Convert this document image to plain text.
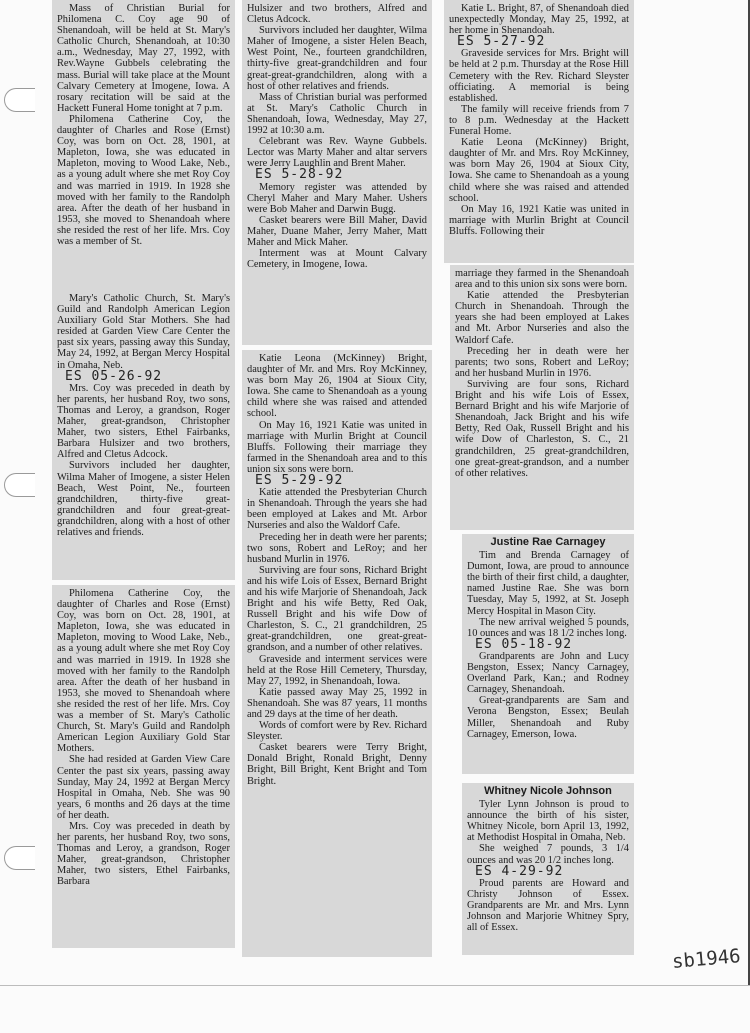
Mass of Christian Burial for Philomena C. Coy age 90 of Shenandoah, will be held at St. Mary's Catholic Church, Shenandoah, at 10:30 a.m., Wednesday, May 27, 1992, with Rev.Wayne Gubbels celebrating the mass. Burial will take place at the Mount Calvary Cemetery at Imogene, Iowa. A rosary recitation will be said at the Hackett Funeral Home tonight at 7 p.m.

Philomena Catherine Coy, the daughter of Charles and Rose (Ernst) Coy, was born on Oct. 28, 1901, at Mapleton, Iowa, she was educated in Mapleton, moving to Wood Lake, Neb., as a young adult where she met Roy Coy and was married in 1919. In 1928 she moved with her family to the Randolph area. After the death of her husband in 1953, she moved to Shenandoah where she resided the rest of her life. Mrs. Coy was a member of St.

Mary's Catholic Church, St. Mary's Guild and Randolph American Legion Auxiliary Gold Star Mothers. She had resided at Garden View Care Center the past six years, passing away this Sunday, May 24, 1992, at Bergan Mercy Hospital in Omaha, Neb.

ES 05-26-92

Mrs. Coy was preceded in death by her parents, her husband Roy, two sons, Thomas and Leroy, a grandson, Roger Maher, great-grandson, Christopher Maher, two sisters, Ethel Fairbanks, Barbara Hulsizer and two brothers, Alfred and Cletus Adcock.

Survivors included her daughter, Wilma Maher of Imogene, a sister Helen Beach, West Point, Ne., fourteen grandchildren, thirty-five great-grandchildren and four great-great-grandchildren, along with a host of other relatives and friends.

Philomena Catherine Coy, the daughter of Charles and Rose (Ernst) Coy, was born on Oct. 28, 1901, at Mapleton, Iowa, she was educated in Mapleton, moving to Wood Lake, Neb., as a young adult where she met Roy Coy and was married in 1919. In 1928 she moved with her family to the Randolph area. After the death of her husband in 1953, she moved to Shenandoah where she resided the rest of her life. Mrs. Coy was a member of St. Mary's Catholic Church, St. Mary's Guild and Randolph American Legion Auxiliary Gold Star Mothers.

She had resided at Garden View Care Center the past six years, passing away Sunday, May 24, 1992 at Bergan Mercy Hospital in Omaha, Neb. She was 90 years, 6 months and 26 days at the time of her death.

Mrs. Coy was preceded in death by her parents, her husband Roy, two sons, Thomas and Leroy, a grandson, Roger Maher, great-grandson, Christopher Maher, two sisters, Ethel Fairbanks, Barbara

Hulsizer and two brothers, Alfred and Cletus Adcock.

Survivors included her daughter, Wilma Maher of Imogene, a sister Helen Beach, West Point, Ne., fourteen grandchildren, thirty-five great-grandchildren and four great-great-grandchildren, along with a host of other relatives and friends.

Mass of Christian burial was performed at St. Mary's Catholic Church in Shenandoah, Iowa, Wednesday, May 27, 1992 at 10:30 a.m.

Celebrant was Rev. Wayne Gubbels. Lector was Marty Maher and altar servers were Jerry Laughlin and Brent Maher.

ES 5-28-92

Memory register was attended by Cheryl Maher and Mary Maher. Ushers were Bob Maher and Darwin Bugg.

Casket bearers were Bill Maher, David Maher, Duane Maher, Jerry Maher, Matt Maher and Mick Maher.

Interment was at Mount Calvary Cemetery, in Imogene, Iowa.

Katie Leona (McKinney) Bright, daughter of Mr. and Mrs. Roy McKinney, was born May 26, 1904 at Sioux City, Iowa. She came to Shenandoah as a young child where she was raised and attended school.

On May 16, 1921 Katie was united in marriage with Murlin Bright at Council Bluffs. Following their marriage they farmed in the Shenandoah area and to this union six sons were born.

ES 5-29-92

Katie attended the Presbyterian Church in Shenandoah. Through the years she had been employed at Lakes and Mt. Arbor Nurseries and also the Waldorf Cafe.

Preceding her in death were her parents; two sons, Robert and LeRoy; and her husband Murlin in 1976.

Surviving are four sons, Richard Bright and his wife Lois of Essex, Bernard Bright and his wife Marjorie of Shenandoah, Jack Bright and his wife Betty, Red Oak, Russell Bright and his wife Dow of Charleston, S. C., 21 grandchildren, 25 great-grandchildren, one great-great-grandson, and a number of other relatives.

Graveside and interment services were held at the Rose Hill Cemetery, Thursday, May 27, 1992, in Shenandoah, Iowa.

Katie passed away May 25, 1992 in Shenandoah. She was 87 years, 11 months and 29 days at the time of her death.

Words of comfort were by Rev. Richard Sleyster.

Casket bearers were Terry Bright, Donald Bright, Ronald Bright, Denny Bright, Bill Bright, Kent Bright and Tom Bright.

Katie L. Bright, 87, of Shenandoah died unexpectedly Monday, May 25, 1992, at her home in Shenandoah.

ES 5-27-92

Graveside services for Mrs. Bright will be held at 2 p.m. Thursday at the Rose Hill Cemetery with the Rev. Richard Sleyster officiating. A memorial is being established.

The family will receive friends from 7 to 8 p.m. Wednesday at the Hackett Funeral Home.

Katie Leona (McKinney) Bright, daughter of Mr. and Mrs. Roy McKinney, was born May 26, 1904 at Sioux City, Iowa. She came to Shenandoah as a young child where she was raised and attended school.

On May 16, 1921 Katie was united in marriage with Murlin Bright at Council Bluffs. Following their

marriage they farmed in the Shenandoah area and to this union six sons were born.

Katie attended the Presbyterian Church in Shenandoah. Through the years she had been employed at Lakes and Mt. Arbor Nurseries and also the Waldorf Cafe.

Preceding her in death were her parents; two sons, Robert and LeRoy; and her husband Murlin in 1976.

Surviving are four sons, Richard Bright and his wife Lois of Essex, Bernard Bright and his wife Marjorie of Shenandoah, Jack Bright and his wife Betty, Red Oak, Russell Bright and his wife Dow of Charleston, S. C., 21 grandchildren, 25 great-grandchildren, one great-great-grandson, and a number of other relatives.

Justine Rae Carnagey

Tim and Brenda Carnagey of Dumont, Iowa, are proud to announce the birth of their first child, a daughter, named Justine Rae. She was born Tuesday, May 5, 1992, at St. Joseph Mercy Hospital in Mason City.

The new arrival weighed 5 pounds, 10 ounces and was 18 1/2 inches long.

ES 05-18-92

Grandparents are John and Lucy Bengston, Essex; Nancy Carnagey, Overland Park, Kan.; and Rodney Carnagey, Shenandoah.

Great-grandparents are Sam and Verona Bengston, Essex; Beulah Miller, Shenandoah and Ruby Carnagey, Emerson, Iowa.

Whitney Nicole Johnson

Tyler Lynn Johnson is proud to announce the birth of his sister, Whitney Nicole, born April 13, 1992, at Methodist Hospital in Omaha, Neb.

She weighed 7 pounds, 3 1/4 ounces and was 20 1/2 inches long.

ES 4-29-92

Proud parents are Howard and Christy Johnson of Essex. Grandparents are Mr. and Mrs. Lynn Johnson and Marjorie Whitney Spry, all of Essex.

sb1946
